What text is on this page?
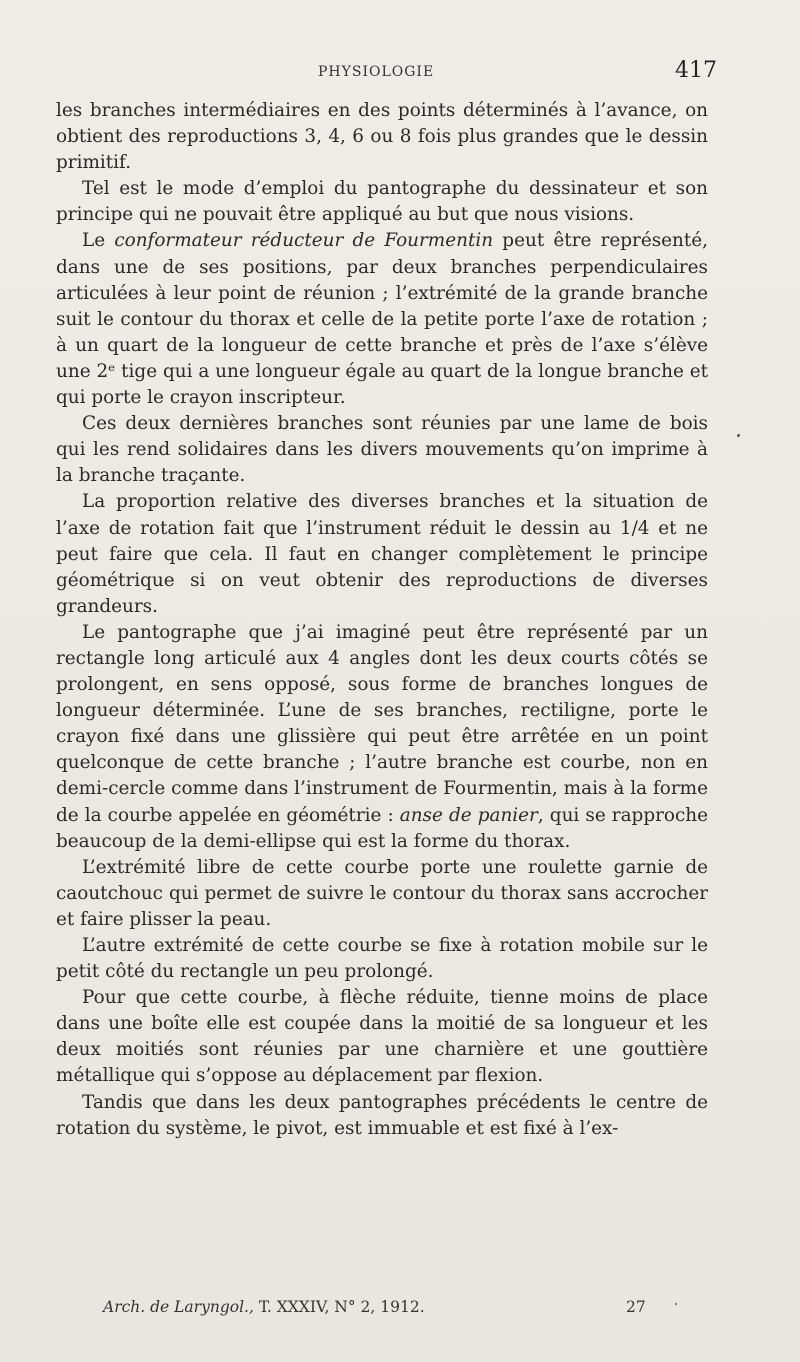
PHYSIOLOGIE	417

les branches intermédiaires en des points déterminés à l’avance, on obtient des reproductions 3, 4, 6 ou 8 fois plus grandes que le dessin primitif.

Tel est le mode d’emploi du pantographe du dessinateur et son principe qui ne pouvait être appliqué au but que nous visions.

Le conformateur réducteur de Fourmentin peut être représenté, dans une de ses positions, par deux branches perpendiculaires articulées à leur point de réunion ; l’extrémité de la grande branche suit le contour du thorax et celle de la petite porte l’axe de rotation ; à un quart de la longueur de cette branche et près de l’axe s’élève une 2ᵉ tige qui a une longueur égale au quart de la longue branche et qui porte le crayon inscripteur.

Ces deux dernières branches sont réunies par une lame de bois qui les rend solidaires dans les divers mouvements qu’on imprime à la branche traçante.

La proportion relative des diverses branches et la situation de l’axe de rotation fait que l’instrument réduit le dessin au 1/4 et ne peut faire que cela. Il faut en changer complètement le principe géométrique si on veut obtenir des reproductions de diverses grandeurs.

Le pantographe que j’ai imaginé peut être représenté par un rectangle long articulé aux 4 angles dont les deux courts côtés se prolongent, en sens opposé, sous forme de branches longues de longueur déterminée. L’une de ses branches, rectiligne, porte le crayon fixé dans une glissière qui peut être arrêtée en un point quelconque de cette branche ; l’autre branche est courbe, non en demi-cercle comme dans l’instrument de Fourmentin, mais à la forme de la courbe appelée en géométrie : anse de panier, qui se rapproche beaucoup de la demi-ellipse qui est la forme du thorax.

L’extrémité libre de cette courbe porte une roulette garnie de caoutchouc qui permet de suivre le contour du thorax sans accrocher et faire plisser la peau.

L’autre extrémité de cette courbe se fixe à rotation mobile sur le petit côté du rectangle un peu prolongé.

Pour que cette courbe, à flèche réduite, tienne moins de place dans une boîte elle est coupée dans la moitié de sa longueur et les deux moitiés sont réunies par une charnière et une gouttière métallique qui s’oppose au déplacement par flexion.

Tandis que dans les deux pantographes précédents le centre de rotation du système, le pivot, est immuable et est fixé à l’ex-

Arch. de Laryngol., T. XXXIV, N° 2, 1912.	27
